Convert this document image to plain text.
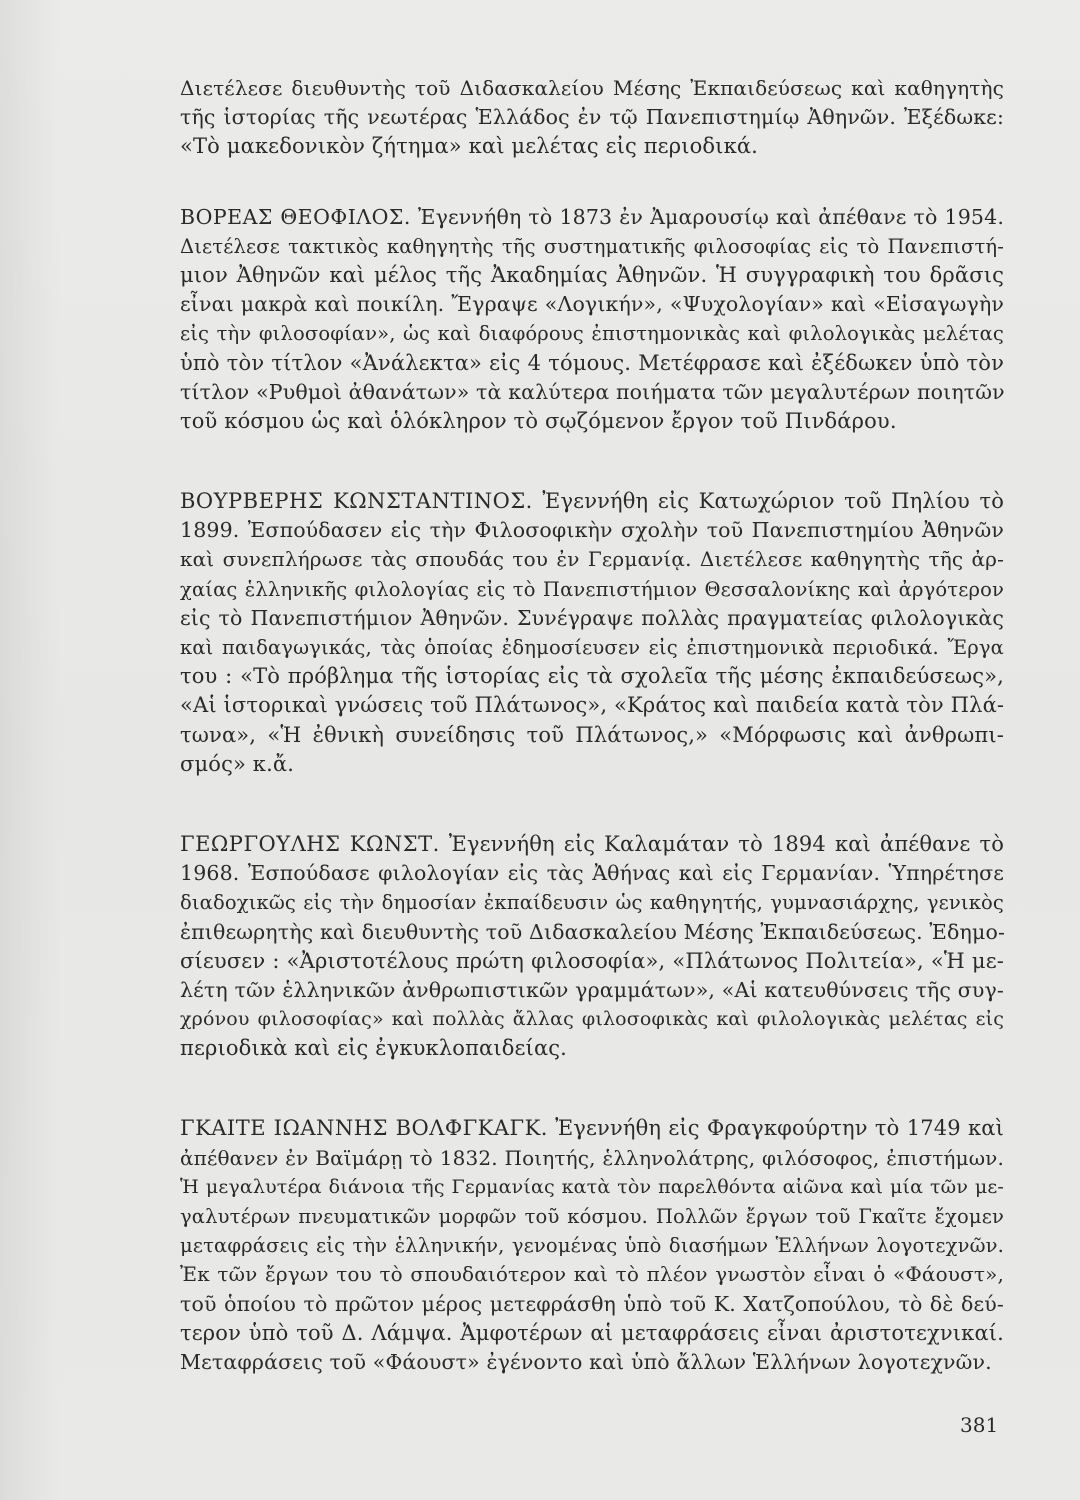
Διετέλεσε διευθυντὴς τοῦ Διδασκαλείου Μέσης Ἐκπαιδεύσεως καὶ καθηγητὴς
τῆς ἱστορίας τῆς νεωτέρας Ἑλλάδος ἐν τῷ Πανεπιστημίῳ Ἀθηνῶν. Ἐξέδωκε:
«Τὸ μακεδονικὸν ζήτημα» καὶ μελέτας εἰς περιοδικά.
ΒΟΡΕΑΣ ΘΕΟΦΙΛΟΣ. Ἐγεννήθη τὸ 1873 ἐν Ἀμαρουσίῳ καὶ ἀπέθανε τὸ 1954.
Διετέλεσε τακτικὸς καθηγητὴς τῆς συστηματικῆς φιλοσοφίας εἰς τὸ Πανεπιστή-
μιον Ἀθηνῶν καὶ μέλος τῆς Ἀκαδημίας Ἀθηνῶν. Ἡ συγγραφικὴ του δρᾶσις
εἶναι μακρὰ καὶ ποικίλη. Ἔγραψε «Λογικήν», «Ψυχολογίαν» καὶ «Εἰσαγωγὴν
εἰς τὴν φιλοσοφίαν», ὡς καὶ διαφόρους ἐπιστημονικὰς καὶ φιλολογικὰς μελέτας
ὑπὸ τὸν τίτλον «Ἀνάλεκτα» εἰς 4 τόμους. Μετέφρασε καὶ ἐξέδωκεν ὑπὸ τὸν
τίτλον «Ρυθμοὶ ἀθανάτων» τὰ καλύτερα ποιήματα τῶν μεγαλυτέρων ποιητῶν
τοῦ κόσμου ὡς καὶ ὁλόκληρον τὸ σῳζόμενον ἔργον τοῦ Πινδάρου.
ΒΟΥΡΒΕΡΗΣ ΚΩΝΣΤΑΝΤΙΝΟΣ. Ἐγεννήθη εἰς Κατωχώριον τοῦ Πηλίου τὸ
1899. Ἐσπούδασεν εἰς τὴν Φιλοσοφικὴν σχολὴν τοῦ Πανεπιστημίου Ἀθηνῶν
καὶ συνεπλήρωσε τὰς σπουδάς του ἐν Γερμανίᾳ. Διετέλεσε καθηγητὴς τῆς ἀρ-
χαίας ἑλληνικῆς φιλολογίας εἰς τὸ Πανεπιστήμιον Θεσσαλονίκης καὶ ἀργότερον
εἰς τὸ Πανεπιστήμιον Ἀθηνῶν. Συνέγραψε πολλὰς πραγματείας φιλολογικὰς
καὶ παιδαγωγικάς, τὰς ὁποίας ἐδημοσίευσεν εἰς ἐπιστημονικὰ περιοδικά. Ἔργα
του : «Τὸ πρόβλημα τῆς ἱστορίας εἰς τὰ σχολεῖα τῆς μέσης ἐκπαιδεύσεως»,
«Αἱ ἱστορικαὶ γνώσεις τοῦ Πλάτωνος», «Κράτος καὶ παιδεία κατὰ τὸν Πλά-
τωνα», «Ἡ ἐθνικὴ συνείδησις τοῦ Πλάτωνος,» «Μόρφωσις καὶ ἀνθρωπι-
σμός» κ.ἄ.
ΓΕΩΡΓΟΥΛΗΣ ΚΩΝΣΤ. Ἐγεννήθη εἰς Καλαμάταν τὸ 1894 καὶ ἀπέθανε τὸ
1968. Ἐσπούδασε φιλολογίαν εἰς τὰς Ἀθήνας καὶ εἰς Γερμανίαν. Ὑπηρέτησε
διαδοχικῶς εἰς τὴν δημοσίαν ἐκπαίδευσιν ὡς καθηγητής, γυμνασιάρχης, γενικὸς
ἐπιθεωρητὴς καὶ διευθυντὴς τοῦ Διδασκαλείου Μέσης Ἐκπαιδεύσεως. Ἐδημο-
σίευσεν : «Ἀριστοτέλους πρώτη φιλοσοφία», «Πλάτωνος Πολιτεία», «Ἡ με-
λέτη τῶν ἑλληνικῶν ἀνθρωπιστικῶν γραμμάτων», «Αἱ κατευθύνσεις τῆς συγ-
χρόνου φιλοσοφίας» καὶ πολλὰς ἄλλας φιλοσοφικὰς καὶ φιλολογικὰς μελέτας εἰς
περιοδικὰ καὶ εἰς ἐγκυκλοπαιδείας.
ΓΚΑΙΤΕ ΙΩΑΝΝΗΣ ΒΟΛΦΓΚΑΓΚ. Ἐγεννήθη εἰς Φραγκφούρτην τὸ 1749 καὶ
ἀπέθανεν ἐν Βαϊμάρῃ τὸ 1832. Ποιητής, ἑλληνολάτρης, φιλόσοφος, ἐπιστήμων.
Ἡ μεγαλυτέρα διάνοια τῆς Γερμανίας κατὰ τὸν παρελθόντα αἰῶνα καὶ μία τῶν με-
γαλυτέρων πνευματικῶν μορφῶν τοῦ κόσμου. Πολλῶν ἔργων τοῦ Γκαῖτε ἔχομεν
μεταφράσεις εἰς τὴν ἑλληνικήν, γενομένας ὑπὸ διασήμων Ἑλλήνων λογοτεχνῶν.
Ἐκ τῶν ἔργων του τὸ σπουδαιότερον καὶ τὸ πλέον γνωστὸν εἶναι ὁ «Φάουστ»,
τοῦ ὁποίου τὸ πρῶτον μέρος μετεφράσθη ὑπὸ τοῦ Κ. Χατζοπούλου, τὸ δὲ δεύ-
τερον ὑπὸ τοῦ Δ. Λάμψα. Ἀμφοτέρων αἱ μεταφράσεις εἶναι ἀριστοτεχνικαί.
Μεταφράσεις τοῦ «Φάουστ» ἐγένοντο καὶ ὑπὸ ἄλλων Ἑλλήνων λογοτεχνῶν.
381
